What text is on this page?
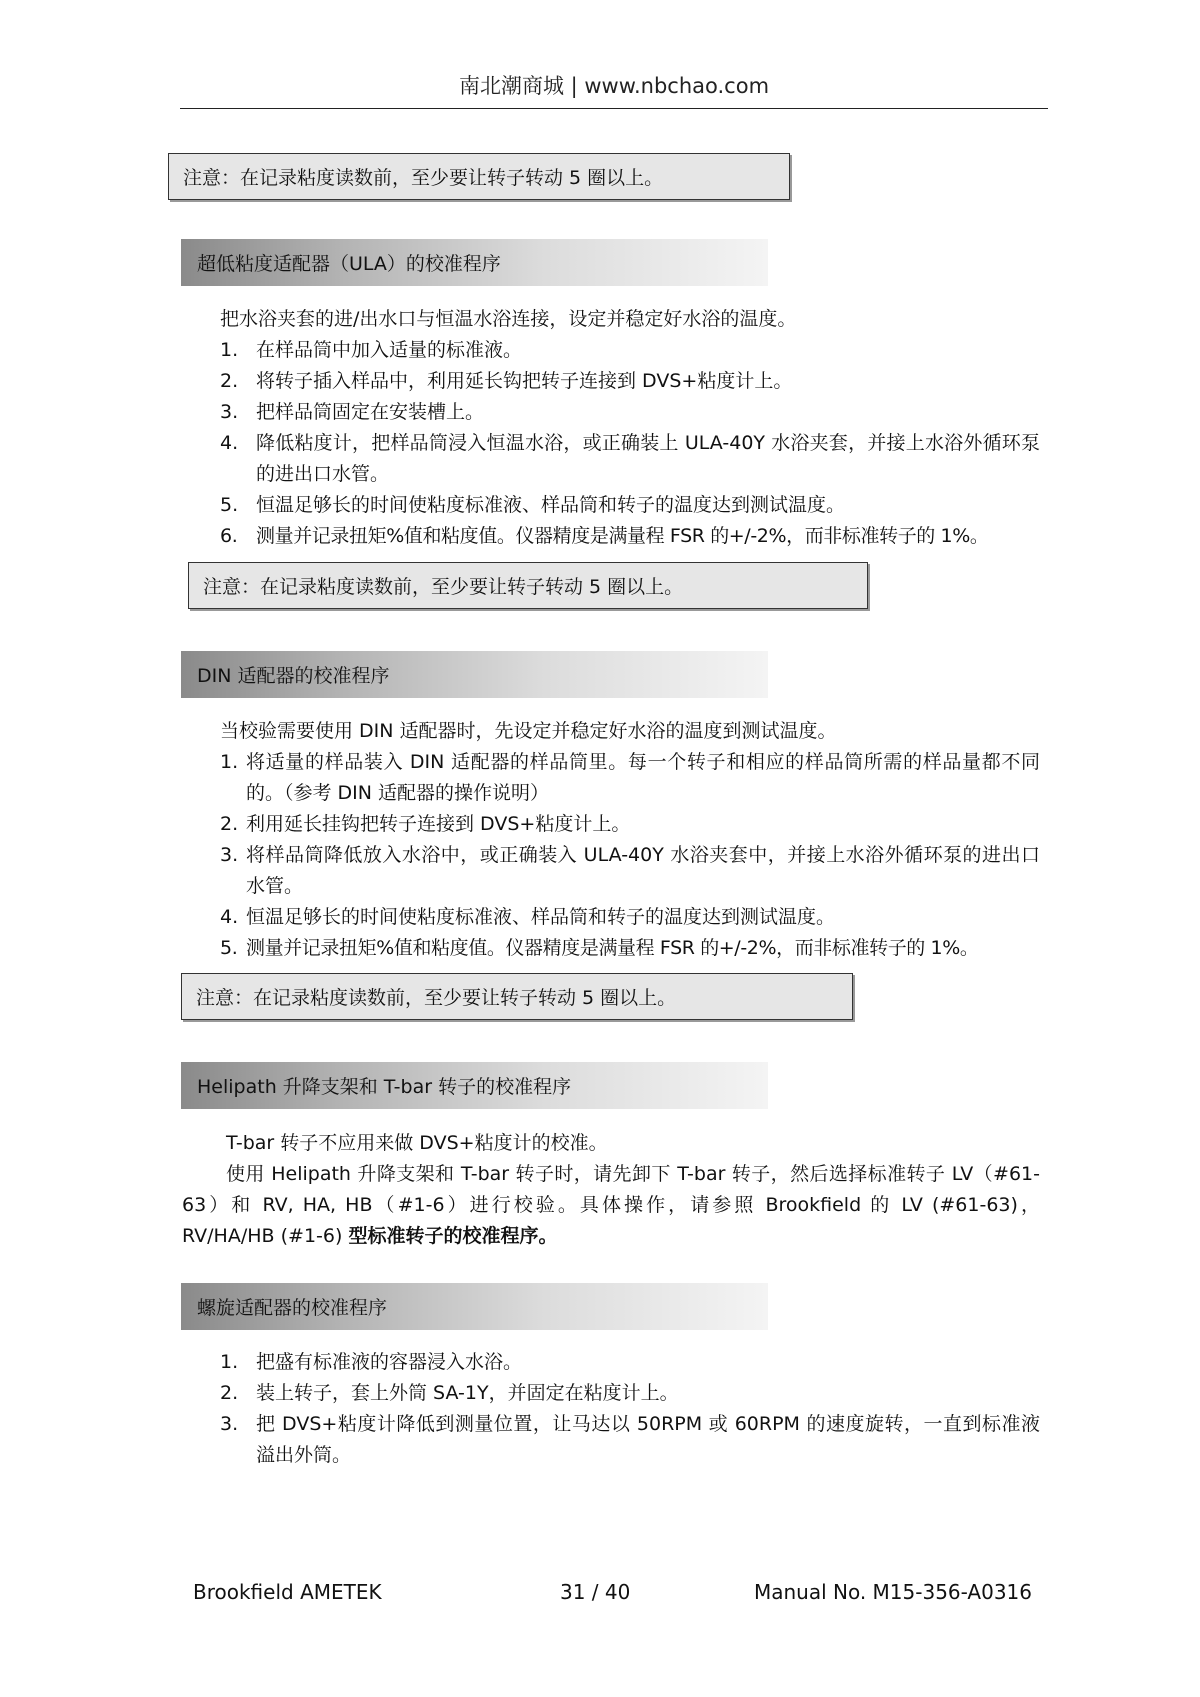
南北潮商城 | www.nbchao.com
注意：在记录粘度读数前，至少要让转子转动 5 圈以上。
超低粘度适配器（ULA）的校准程序
把水浴夹套的进/出水口与恒温水浴连接，设定并稳定好水浴的温度。
1. 在样品筒中加入适量的标准液。
2. 将转子插入样品中，利用延长钩把转子连接到 DVS+粘度计上。
3. 把样品筒固定在安装槽上。
4. 降低粘度计，把样品筒浸入恒温水浴，或正确装上 ULA-40Y 水浴夹套，并接上水浴外循环泵的进出口水管。
5. 恒温足够长的时间使粘度标准液、样品筒和转子的温度达到测试温度。
6. 测量并记录扭矩%值和粘度值。仪器精度是满量程 FSR 的+/-2%，而非标准转子的 1%。
注意：在记录粘度读数前，至少要让转子转动 5 圈以上。
DIN 适配器的校准程序
当校验需要使用 DIN 适配器时，先设定并稳定好水浴的温度到测试温度。
1. 将适量的样品装入 DIN 适配器的样品筒里。每一个转子和相应的样品筒所需的样品量都不同的。（参考 DIN 适配器的操作说明）
2. 利用延长挂钩把转子连接到 DVS+粘度计上。
3. 将样品筒降低放入水浴中，或正确装入 ULA-40Y 水浴夹套中，并接上水浴外循环泵的进出口水管。
4. 恒温足够长的时间使粘度标准液、样品筒和转子的温度达到测试温度。
5. 测量并记录扭矩%值和粘度值。仪器精度是满量程 FSR 的+/-2%，而非标准转子的 1%。
注意：在记录粘度读数前，至少要让转子转动 5 圈以上。
Helipath 升降支架和 T-bar 转子的校准程序
T-bar 转子不应用来做 DVS+粘度计的校准。
使用 Helipath 升降支架和 T-bar 转子时，请先卸下 T-bar 转子，然后选择标准转子 LV（#61-63）和 RV, HA, HB（#1-6）进行校验。具体操作，请参照 Brookfield 的 LV (#61-63)，RV/HA/HB (#1-6) 型标准转子的校准程序。
螺旋适配器的校准程序
1. 把盛有标准液的容器浸入水浴。
2. 装上转子，套上外筒 SA-1Y，并固定在粘度计上。
3. 把 DVS+粘度计降低到测量位置，让马达以 50RPM 或 60RPM 的速度旋转，一直到标准液溢出外筒。
Brookfield AMETEK	31 / 40	Manual No. M15-356-A0316
